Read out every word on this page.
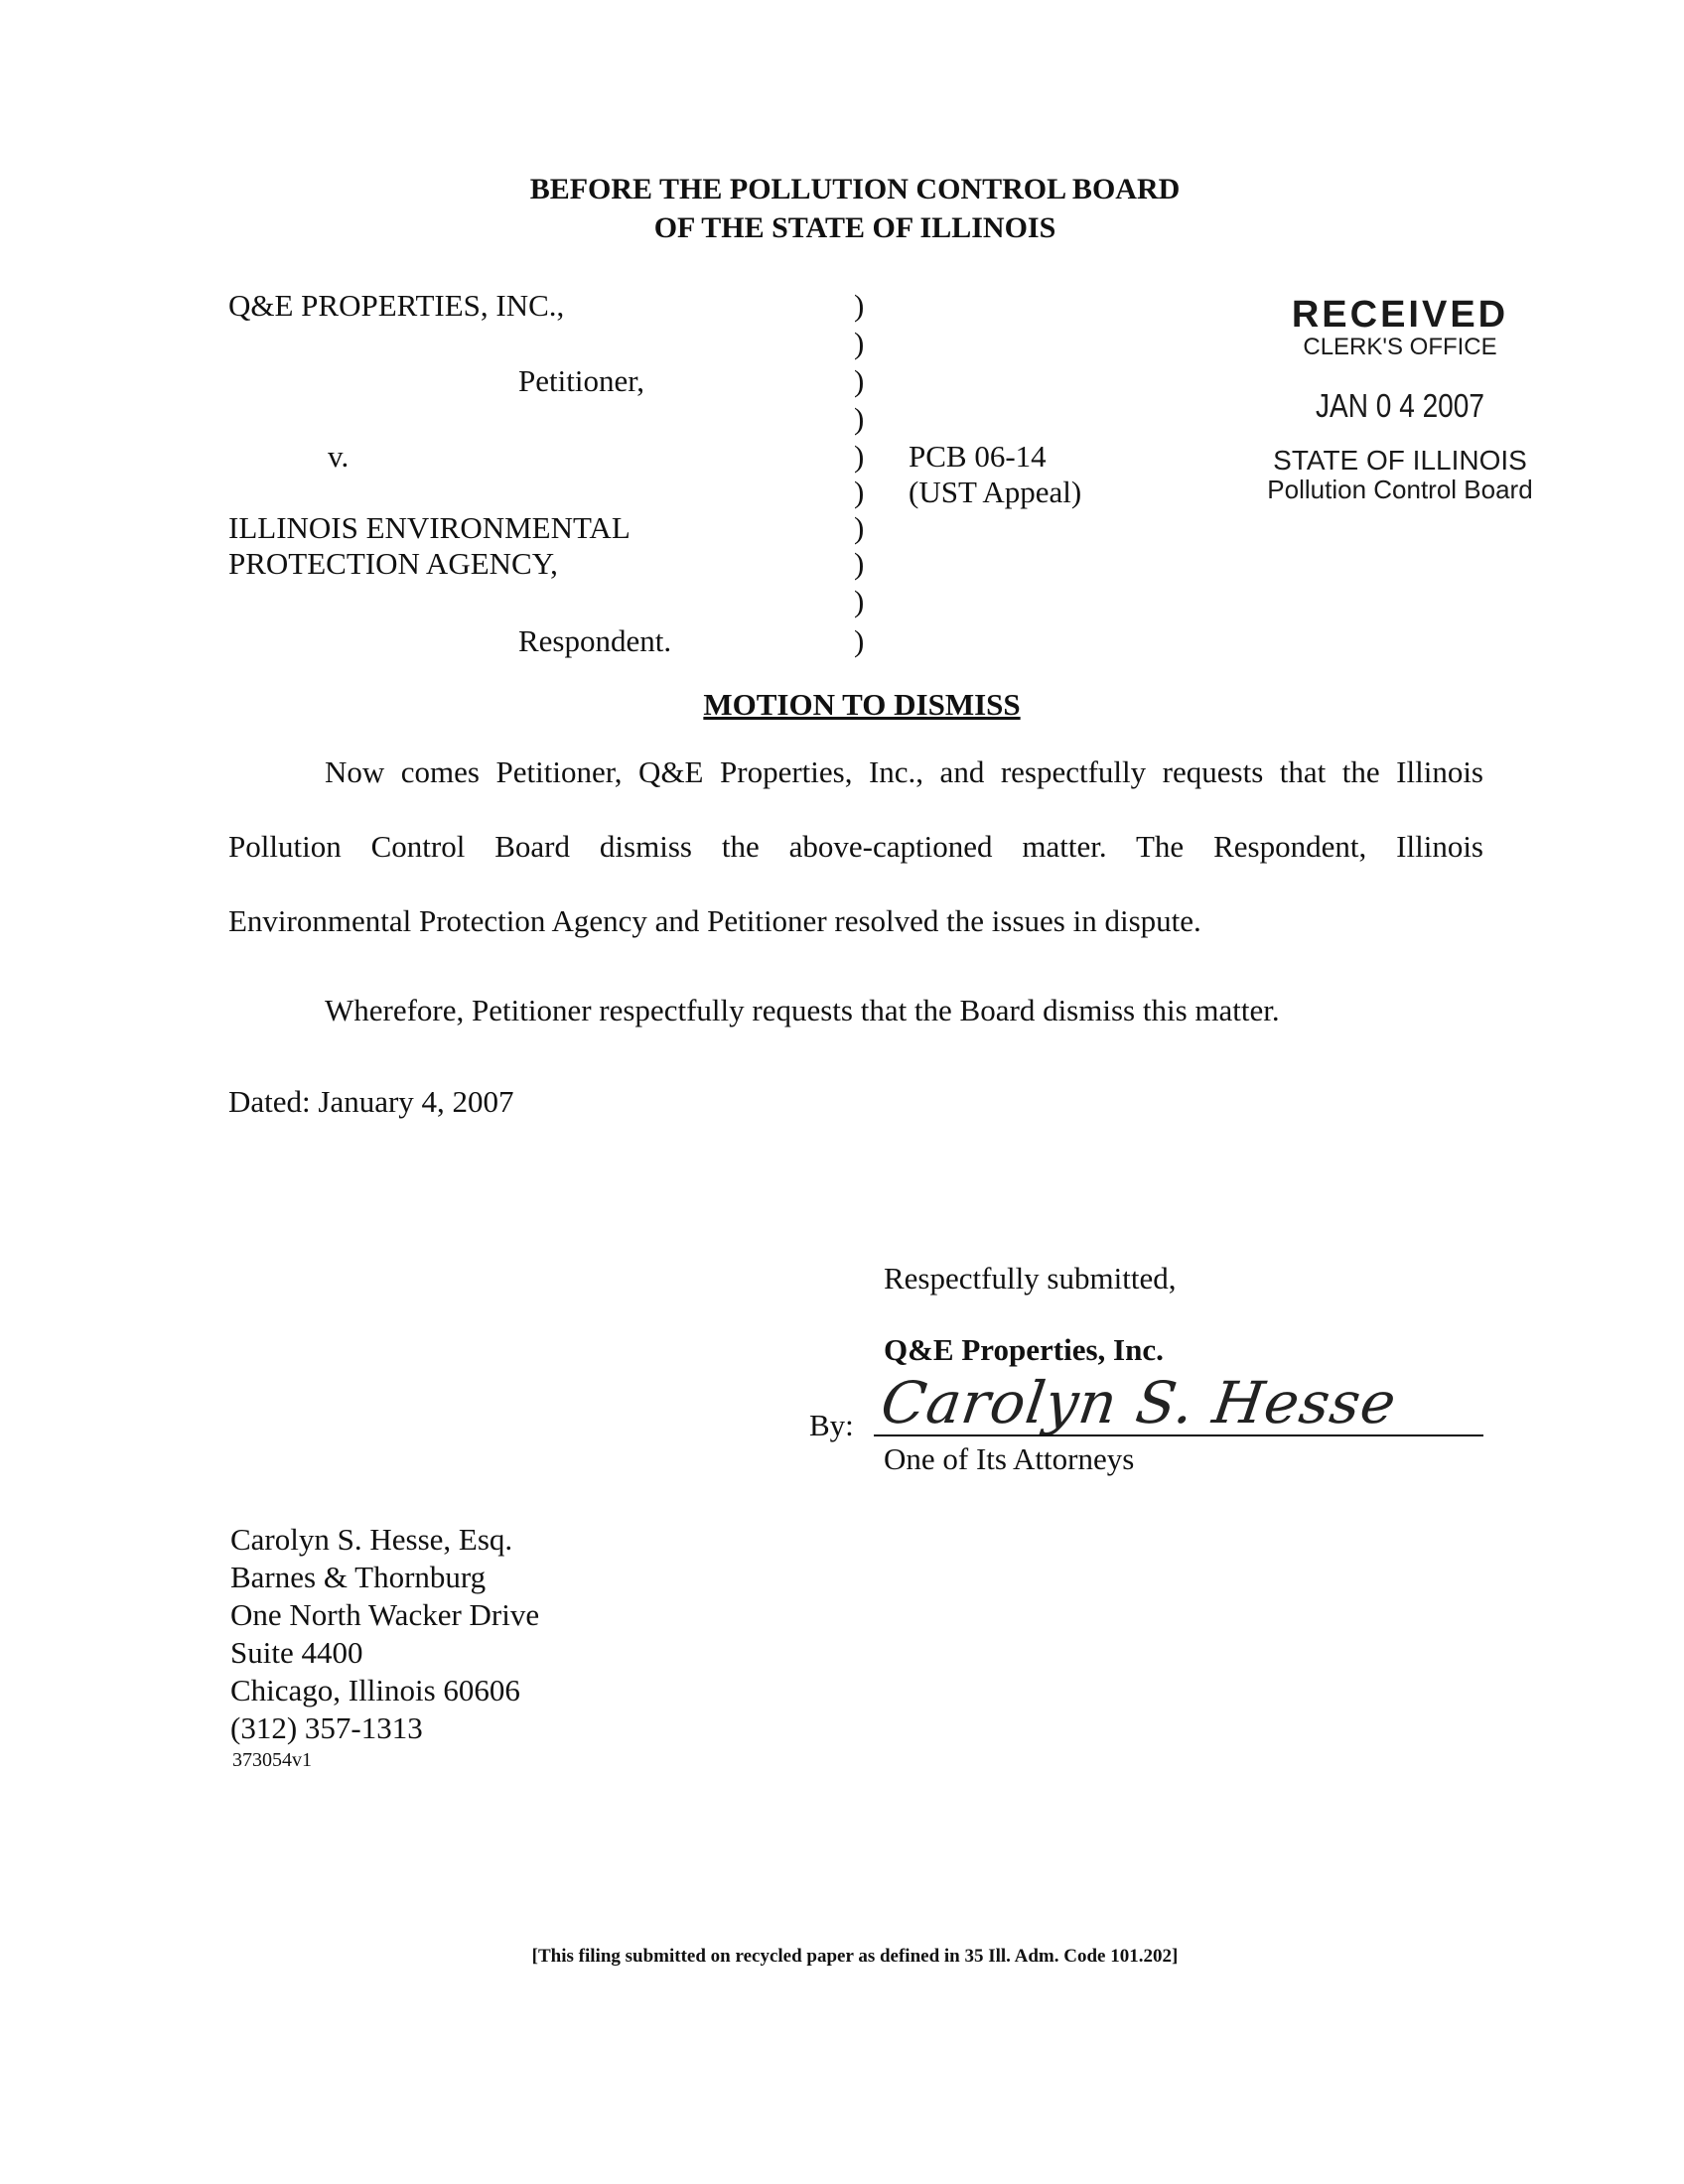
BEFORE THE POLLUTION CONTROL BOARD
OF THE STATE OF ILLINOIS
Q&E PROPERTIES, INC.,
Petitioner,
v.
ILLINOIS ENVIRONMENTAL
PROTECTION AGENCY,
Respondent.
)
)
)
)
)
)
)
)
)
)
PCB 06-14
(UST Appeal)
RECEIVED
CLERK'S OFFICE
JAN 0 4 2007
STATE OF ILLINOIS
Pollution Control Board
MOTION TO DISMISS
Now comes Petitioner, Q&E Properties, Inc., and respectfully requests that the Illinois
Pollution Control Board dismiss the above-captioned matter. The Respondent, Illinois
Environmental Protection Agency and Petitioner resolved the issues in dispute.
Wherefore, Petitioner respectfully requests that the Board dismiss this matter.
Dated: January 4, 2007
Respectfully submitted,
Q&E Properties, Inc.
By: Carolyn S. Hesse
One of Its Attorneys
Carolyn S. Hesse, Esq.
Barnes & Thornburg
One North Wacker Drive
Suite 4400
Chicago, Illinois 60606
(312) 357-1313
373054v1
[This filing submitted on recycled paper as defined in 35 Ill. Adm. Code 101.202]
